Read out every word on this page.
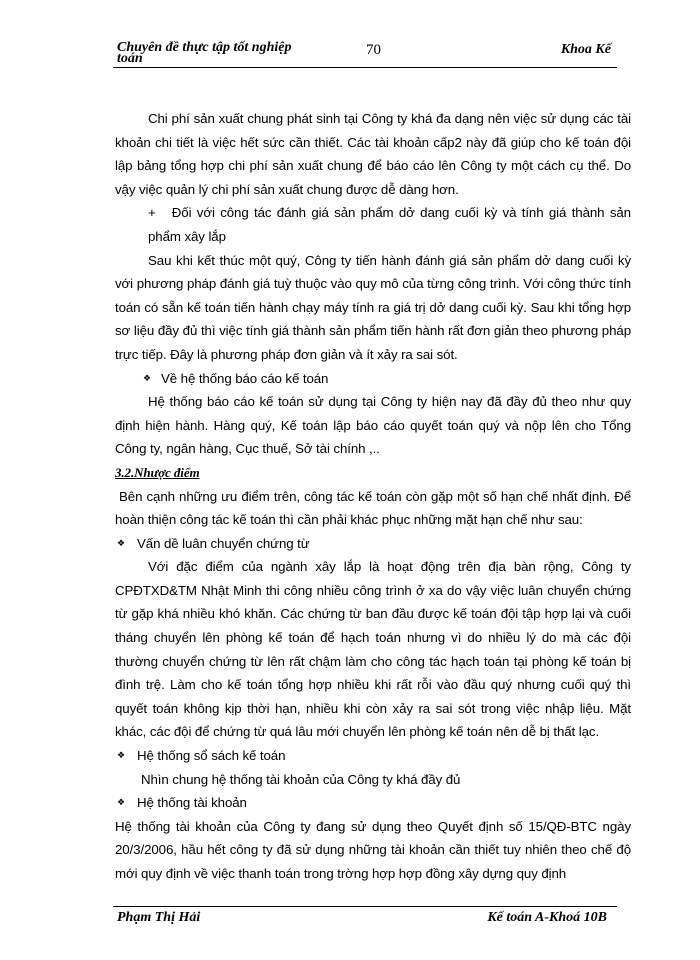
Chuyên đề thực tập tốt nghiệp
toán
70	Khoa Kế

Chi phí sản xuất chung phát sinh tại Công ty khá đa dạng nên việc sử dụng các tài khoản chi tiết là việc hết sức cần thiết. Các tài khoản cấp2 này đã giúp cho kế toán đội lập bảng tổng hợp chi phí sản xuất chung để báo cáo lên Công ty một cách cụ thể. Do vậy việc quản lý chi phí sản xuất chung được dễ dàng hơn.

+ Đối với công tác đánh giá sản phẩm dở dang cuối kỳ và tính giá thành sản phẩm xây lắp

Sau khi kết thúc một quý, Công ty tiến hành đánh giá sản phẩm dở dang cuối kỳ với phương pháp đánh giá tuỳ thuộc vào quy mô của từng công trình. Với công thức tính toán có sẵn kế toán tiến hành chạy máy tính ra giá trị dở dang cuối kỳ. Sau khi tổng hợp sơ liệu đầy đủ thì việc tính giá thành sản phẩm tiến hành rất đơn giản theo phương pháp trực tiếp. Đây là phương pháp đơn giản và ít xảy ra sai sót.

❖ Về hệ thống báo cáo kế toán

Hệ thống báo cáo kế toán sử dụng tại Công ty hiện nay đã đầy đủ theo như quy định hiện hành. Hàng quý, Kế toán lập báo cáo quyết toán quý và nộp lên cho Tổng Công ty, ngân hàng, Cục thuế, Sở tài chính ,..

3.2.Nhược điểm

Bên cạnh những ưu điểm trên, công tác kế toán còn gặp một số hạn chế nhất định. Để hoàn thiện công tác kế toán thì cần phải khác phục những mặt hạn chế như sau:

❖ Vấn dề luân chuyển chứng từ

Với đặc điểm của ngành xây lắp là hoạt động trên địa bàn rộng, Công ty CPĐTXD&TM Nhật Minh thi công nhiều công trình ở xa do vậy việc luân chuyển chứng từ gặp khá nhiều khó khăn. Các chứng từ ban đầu được kế toán đội tập hợp lại và cuối tháng chuyển lên phòng kế toán để hạch toán nhưng vì do nhiều lý do mà các đội thường chuyển chứng từ lên rất chậm làm cho công tác hạch toán tại phòng kế toán bị đình trệ. Làm cho kế toán tổng hợp nhiều khi rất rỗi vào đầu quý nhưng cuối quý thì quyết toán không kịp thời hạn, nhiều khi còn xảy ra sai sót trong việc nhập liệu. Mặt khác, các đội để chứng từ quá lâu mới chuyển lên phòng kế toán nên dễ bị thất lạc.

❖ Hệ thống sổ sách kế toán

Nhìn chung hệ thống tài khoản của Công ty khá đầy đủ

❖ Hệ thống tài khoản

Hệ thống tài khoản của Công ty đang sử dụng theo Quyết định số 15/QĐ-BTC ngày 20/3/2006, hầu hết công ty đã sử dụng những tài khoản cần thiết tuy nhiên theo chế độ mới quy định về việc thanh toán trong trờng hợp hợp đồng xây dựng quy định

Phạm Thị Hải	Kế toán A-Khoá 10B
